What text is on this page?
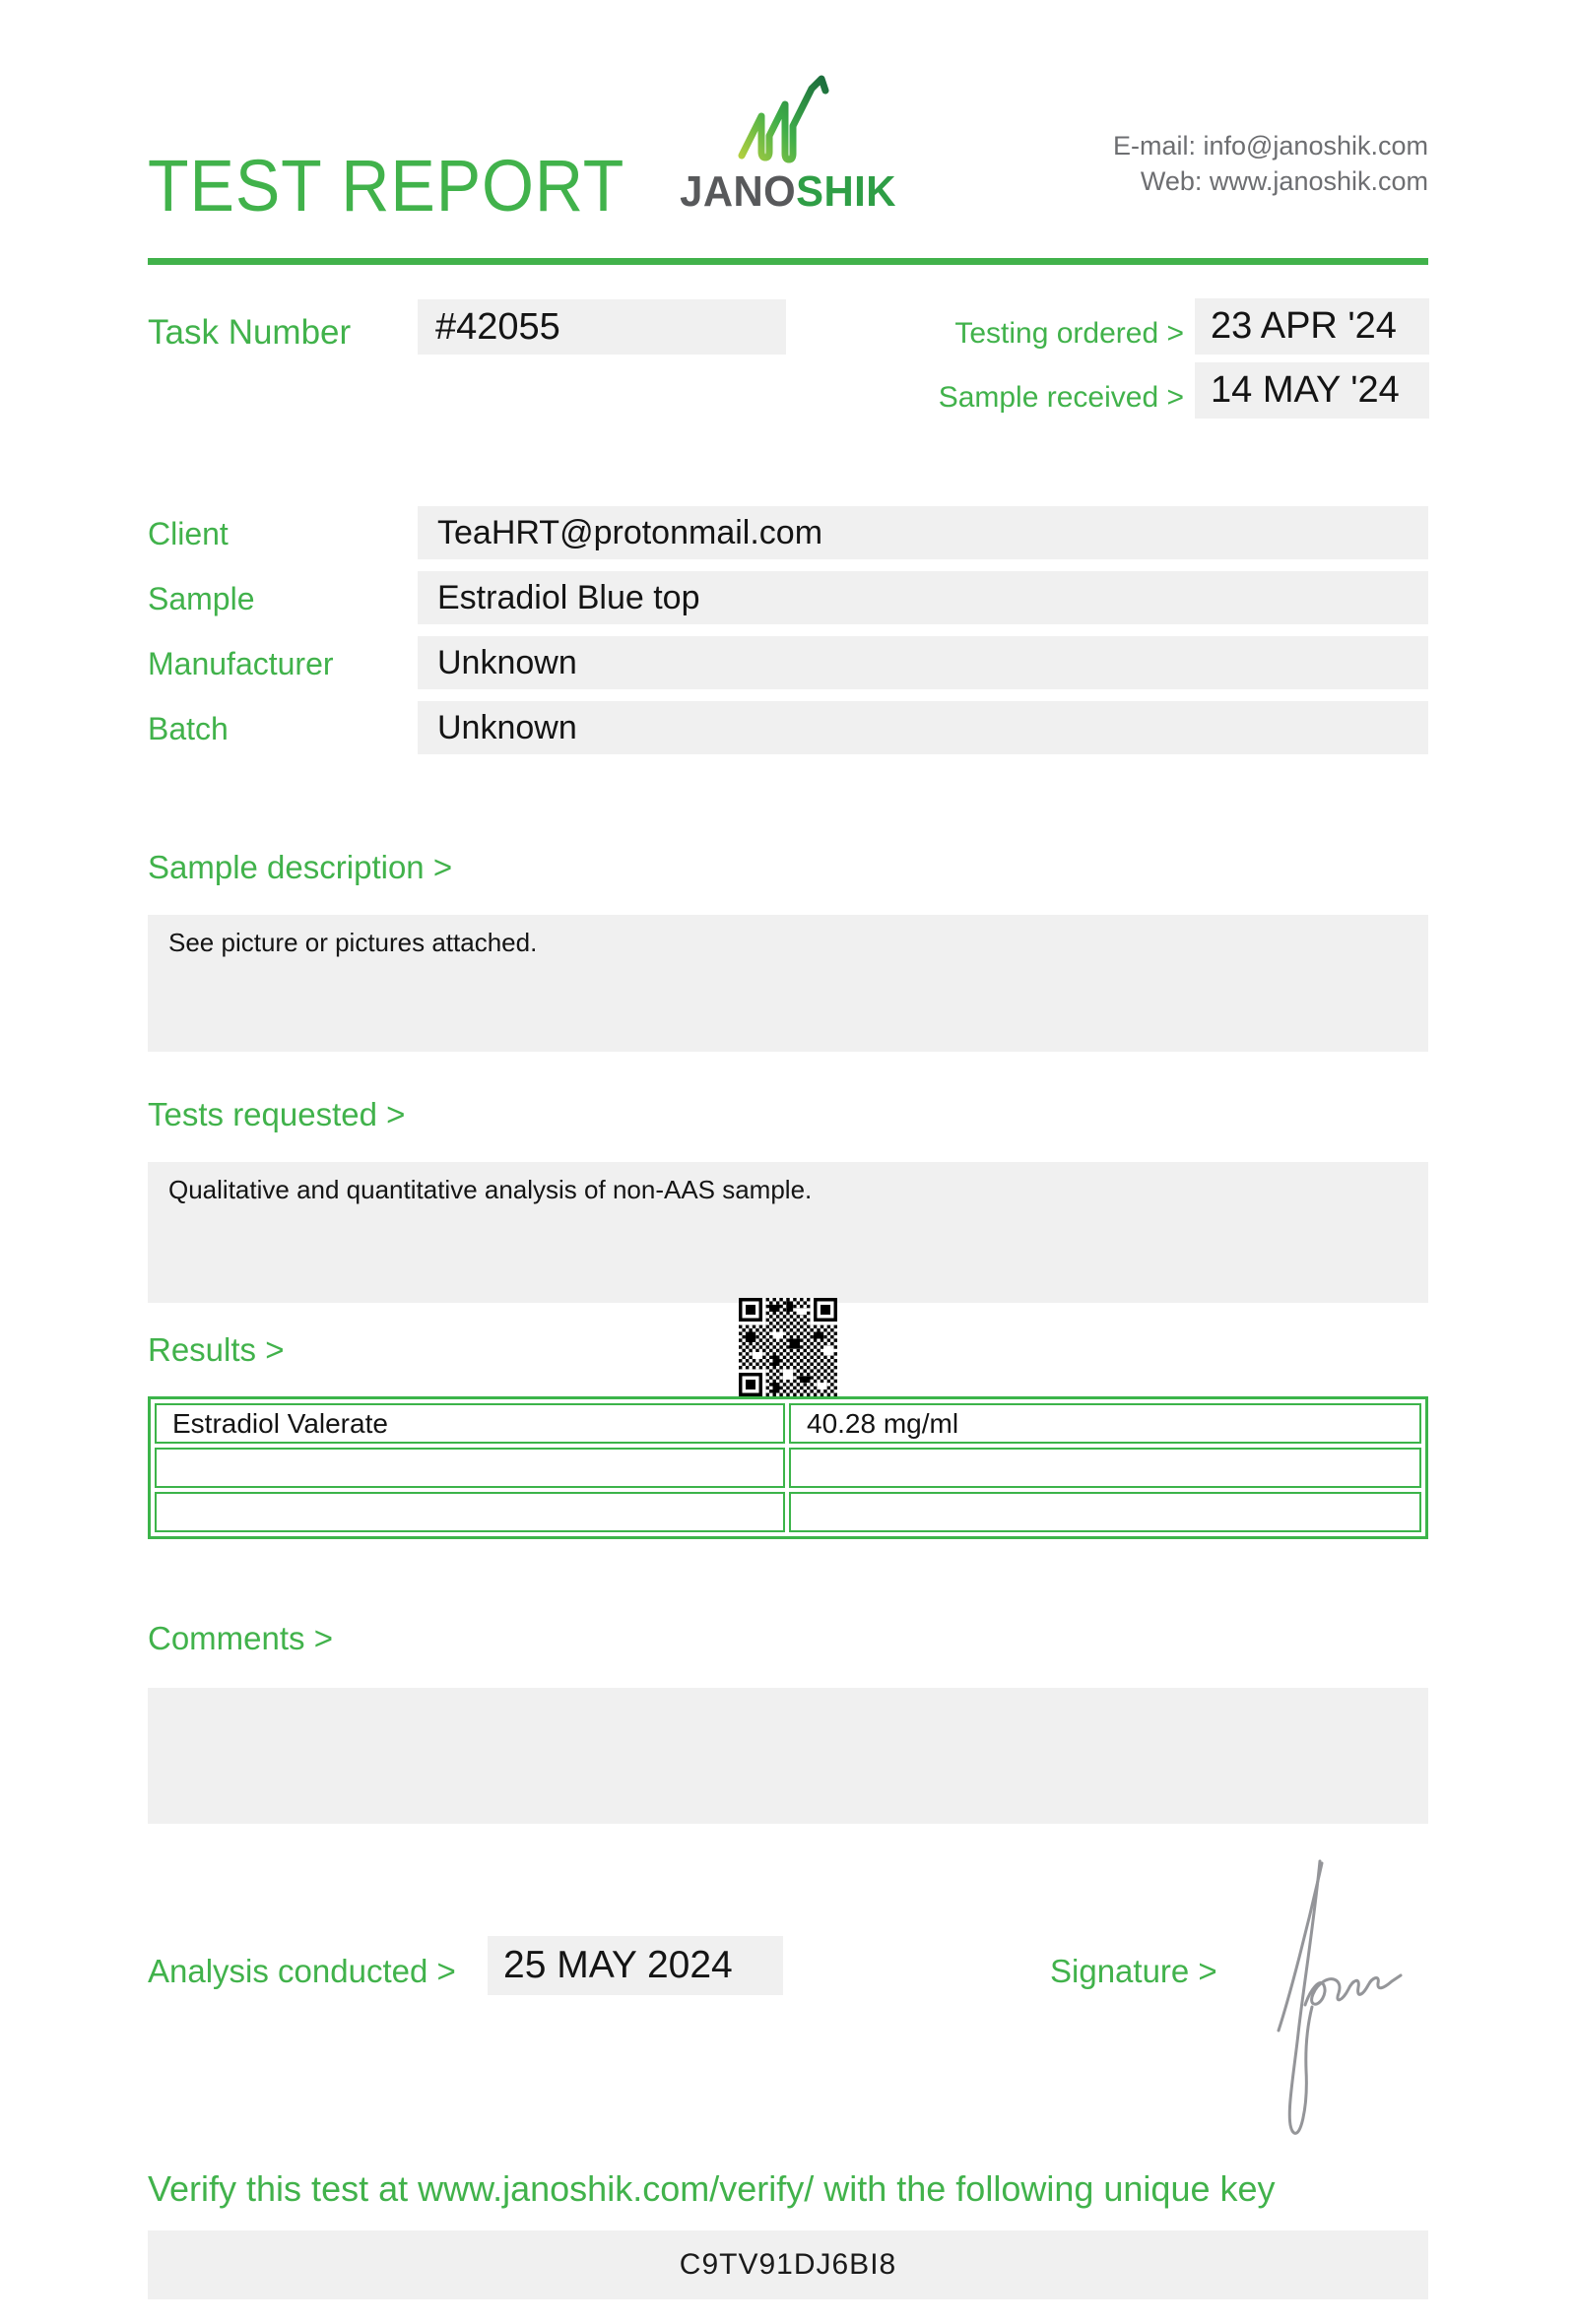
TEST REPORT	JANOSHIK
E-mail: info@janoshik.com
Web: www.janoshik.com
Task Number #42055	Testing ordered > 23 APR '24
Sample received > 14 MAY '24
Client	TeaHRT@protonmail.com
Sample	Estradiol Blue top
Manufacturer	Unknown
Batch	Unknown
Sample description >
See picture or pictures attached.
Tests requested >
Qualitative and quantitative analysis of non-AAS sample.
Results >
Estradiol Valerate	40.28 mg/ml
Comments >
Analysis conducted > 25 MAY 2024	Signature >
Verify this test at www.janoshik.com/verify/ with the following unique key
C9TV91DJ6BI8
